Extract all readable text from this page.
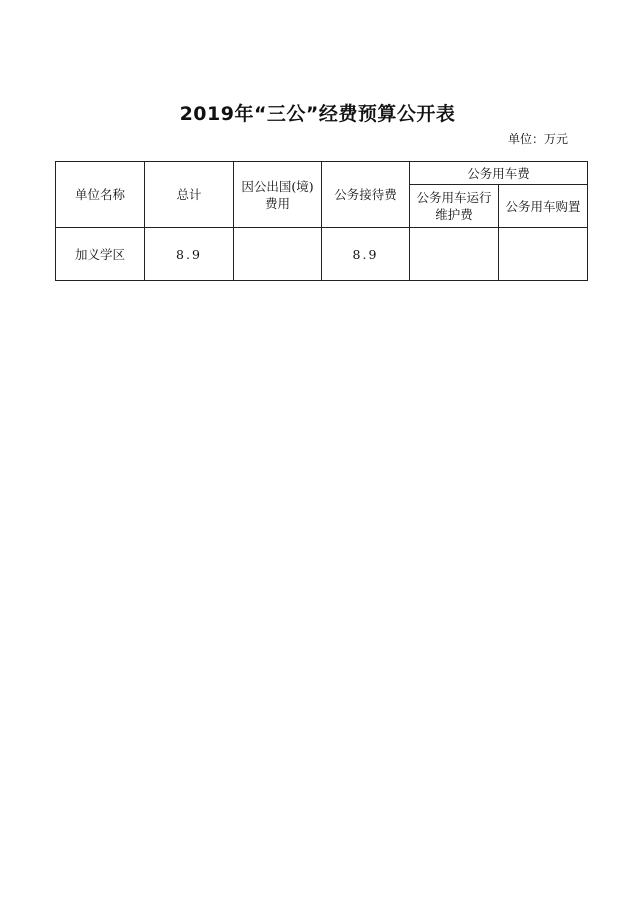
2019年“三公”经费预算公开表
单位：万元
单位名称	总计	因公出国(境)费用	公务接待费	公务用车费	
				公务用车运行维护费	公务用车购置
加义学区	8.9		8.9		
